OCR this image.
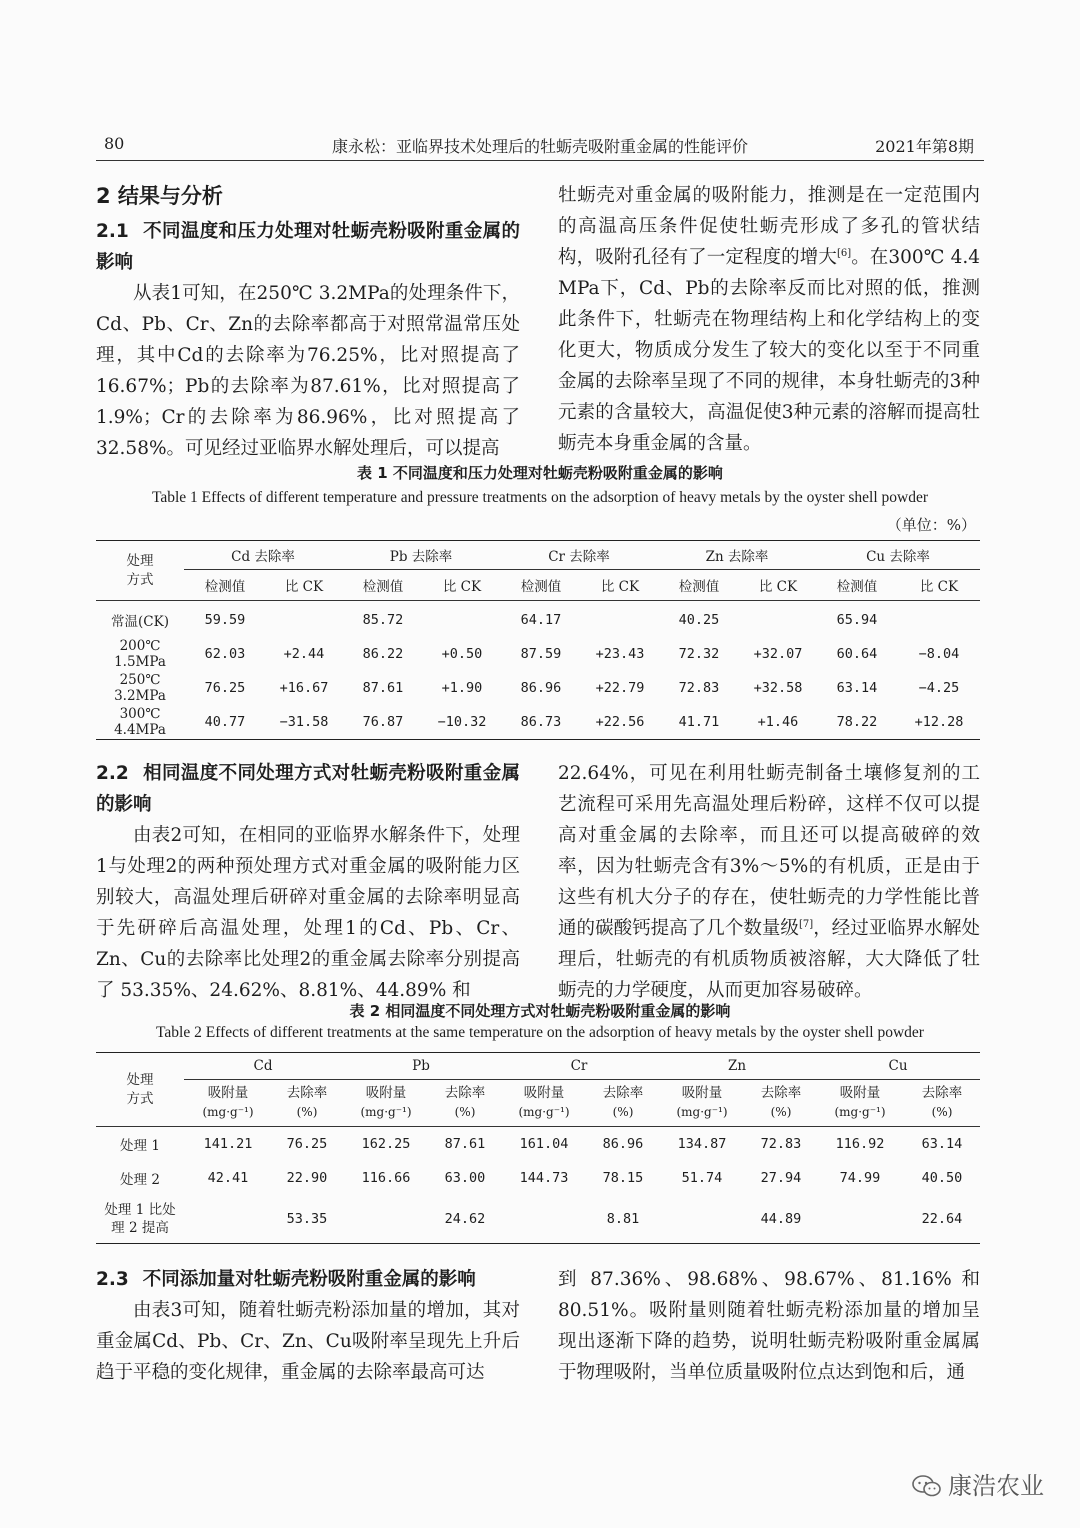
80	康永松：亚临界技术处理后的牡蛎壳吸附重金属的性能评价	2021年第8期
2 结果与分析
2.1 不同温度和压力处理对牡蛎壳粉吸附重金属的影响

从表1可知，在250℃ 3.2MPa的处理条件下，Cd、Pb、Cr、Zn的去除率都高于对照常温常压处理，其中Cd的去除率为76.25%，比对照提高了16.67%；Pb的去除率为87.61%，比对照提高了1.9%；Cr的去除率为86.96%，比对照提高了32.58%。可见经过亚临界水解处理后，可以提高

牡蛎壳对重金属的吸附能力，推测是在一定范围内的高温高压条件促使牡蛎壳形成了多孔的管状结构，吸附孔径有了一定程度的增大[6]。在300℃ 4.4 MPa下，Cd、Pb的去除率反而比对照的低，推测此条件下，牡蛎壳在物理结构上和化学结构上的变化更大，物质成分发生了较大的变化以至于不同重金属的去除率呈现了不同的规律，本身牡蛎壳的3种元素的含量较大，高温促使3种元素的溶解而提高牡蛎壳本身重金属的含量。

表 1 不同温度和压力处理对牡蛎壳粉吸附重金属的影响
Table 1 Effects of different temperature and pressure treatments on the adsorption of heavy metals by the oyster shell powder
（单位：%）
处理
方式	Cd 去除率		Pb 去除率		Cr 去除率		Zn 去除率		Cu 去除率	
	检测值	比 CK	检测值	比 CK	检测值	比 CK	检测值	比 CK	检测值	比 CK
常温(CK)	59.59		85.72		64.17		40.25		65.94	
200℃ 1.5MPa	62.03	+2.44	86.22	+0.50	87.59	+23.43	72.32	+32.07	60.64	−8.04
250℃ 3.2MPa	76.25	+16.67	87.61	+1.90	86.96	+22.79	72.83	+32.58	63.14	−4.25
300℃ 4.4MPa	40.77	−31.58	76.87	−10.32	86.73	+22.56	41.71	+1.46	78.22	+12.28
2.2 相同温度不同处理方式对牡蛎壳粉吸附重金属的影响

由表2可知，在相同的亚临界水解条件下，处理1与处理2的两种预处理方式对重金属的吸附能力区别较大，高温处理后研碎对重金属的去除率明显高于先研碎后高温处理，处理1的Cd、Pb、Cr、Zn、Cu的去除率比处理2的重金属去除率分别提高了 53.35%、24.62%、8.81%、44.89% 和

22.64%，可见在利用牡蛎壳制备土壤修复剂的工艺流程可采用先高温处理后粉碎，这样不仅可以提高对重金属的去除率，而且还可以提高破碎的效率，因为牡蛎壳含有3%～5%的有机质，正是由于这些有机大分子的存在，使牡蛎壳的力学性能比普通的碳酸钙提高了几个数量级[7]，经过亚临界水解处理后，牡蛎壳的有机质物质被溶解，大大降低了牡蛎壳的力学硬度，从而更加容易破碎。

表 2 相同温度不同处理方式对牡蛎壳粉吸附重金属的影响
Table 2 Effects of different treatments at the same temperature on the adsorption of heavy metals by the oyster shell powder
处理
方式	Cd		Pb		Cr		Zn		Cu	

	吸附量
(mg·g⁻¹)	去除率
(%)	吸附量
(mg·g⁻¹)	去除率
(%)	吸附量
(mg·g⁻¹)	去除率
(%)	吸附量
(mg·g⁻¹)	去除率
(%)	吸附量
(mg·g⁻¹)	去除率
(%)

处理 1	141.21	76.25	162.25	87.61	161.04	86.96	134.87	72.83	116.92	63.14
处理 2	42.41	22.90	116.66	63.00	144.73	78.15	51.74	27.94	74.99	40.50

处理 1 比处
理 2 提高		53.35		24.62		8.81		44.89		22.64
2.3 不同添加量对牡蛎壳粉吸附重金属的影响

由表3可知，随着牡蛎壳粉添加量的增加，其对重金属Cd、Pb、Cr、Zn、Cu吸附率呈现先上升后趋于平稳的变化规律，重金属的去除率最高可达

到 87.36%、98.68%、98.67%、81.16% 和 80.51%。吸附量则随着牡蛎壳粉添加量的增加呈现出逐渐下降的趋势，说明牡蛎壳粉吸附重金属属于物理吸附，当单位质量吸附位点达到饱和后，通

康浩农业
